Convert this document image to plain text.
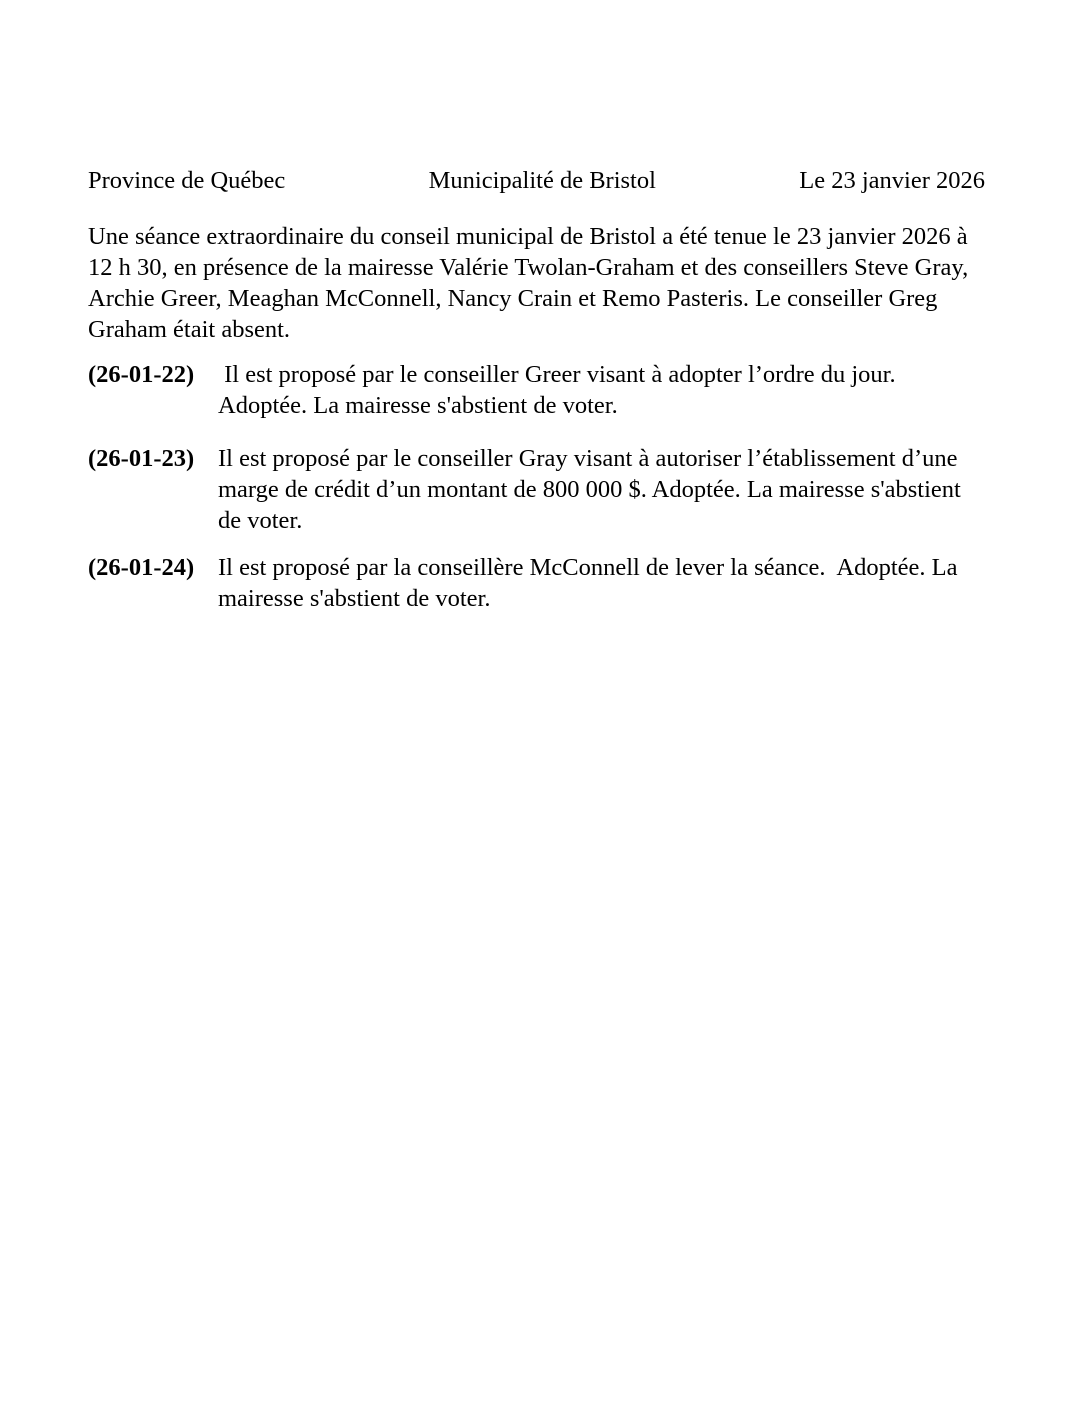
Province de Québec	Municipalité de Bristol	Le 23 janvier 2026

Une séance extraordinaire du conseil municipal de Bristol a été tenue le 23 janvier 2026 à 12 h 30, en présence de la mairesse Valérie Twolan-Graham et des conseillers Steve Gray, Archie Greer, Meaghan McConnell, Nancy Crain et Remo Pasteris. Le conseiller Greg Graham était absent.

(26-01-22) Il est proposé par le conseiller Greer visant à adopter l’ordre du jour. Adoptée. La mairesse s'abstient de voter.
(26-01-23) Il est proposé par le conseiller Gray visant à autoriser l’établissement d’une marge de crédit d’un montant de 800 000 $. Adoptée. La mairesse s'abstient de voter.
(26-01-24) Il est proposé par la conseillère McConnell de lever la séance.  Adoptée. La mairesse s'abstient de voter.
